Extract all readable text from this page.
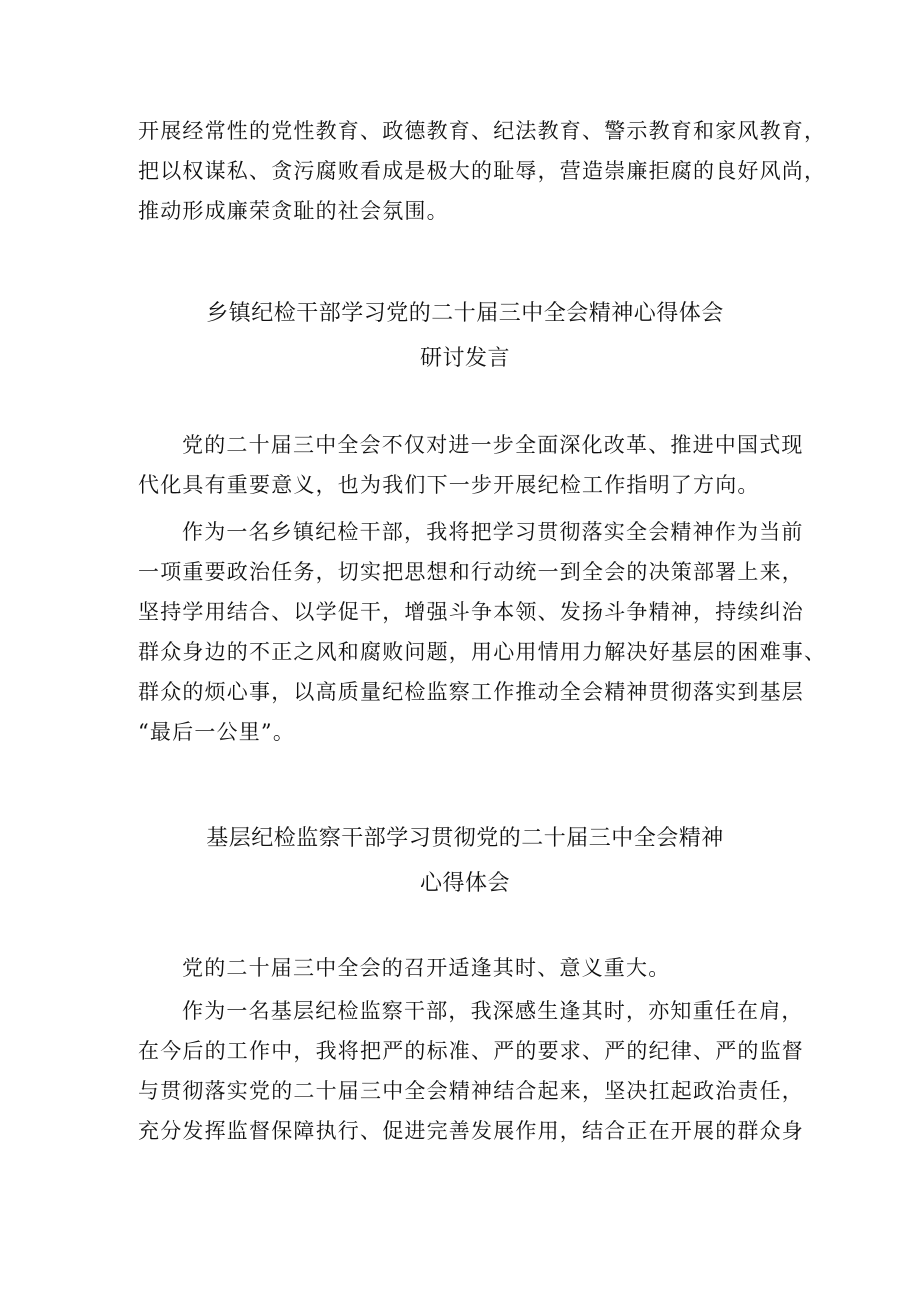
开展经常性的党性教育、政德教育、纪法教育、警示教育和家风教育，
把以权谋私、贪污腐败看成是极大的耻辱，营造崇廉拒腐的良好风尚，
推动形成廉荣贪耻的社会氛围。
乡镇纪检干部学习党的二十届三中全会精神心得体会
研讨发言
党的二十届三中全会不仅对进一步全面深化改革、推进中国式现
代化具有重要意义，也为我们下一步开展纪检工作指明了方向。
作为一名乡镇纪检干部，我将把学习贯彻落实全会精神作为当前
一项重要政治任务，切实把思想和行动统一到全会的决策部署上来，
坚持学用结合、以学促干，增强斗争本领、发扬斗争精神，持续纠治
群众身边的不正之风和腐败问题，用心用情用力解决好基层的困难事、
群众的烦心事，以高质量纪检监察工作推动全会精神贯彻落实到基层
“最后一公里”。
基层纪检监察干部学习贯彻党的二十届三中全会精神
心得体会
党的二十届三中全会的召开适逢其时、意义重大。
作为一名基层纪检监察干部，我深感生逢其时，亦知重任在肩，
在今后的工作中，我将把严的标准、严的要求、严的纪律、严的监督
与贯彻落实党的二十届三中全会精神结合起来，坚决扛起政治责任，
充分发挥监督保障执行、促进完善发展作用，结合正在开展的群众身
